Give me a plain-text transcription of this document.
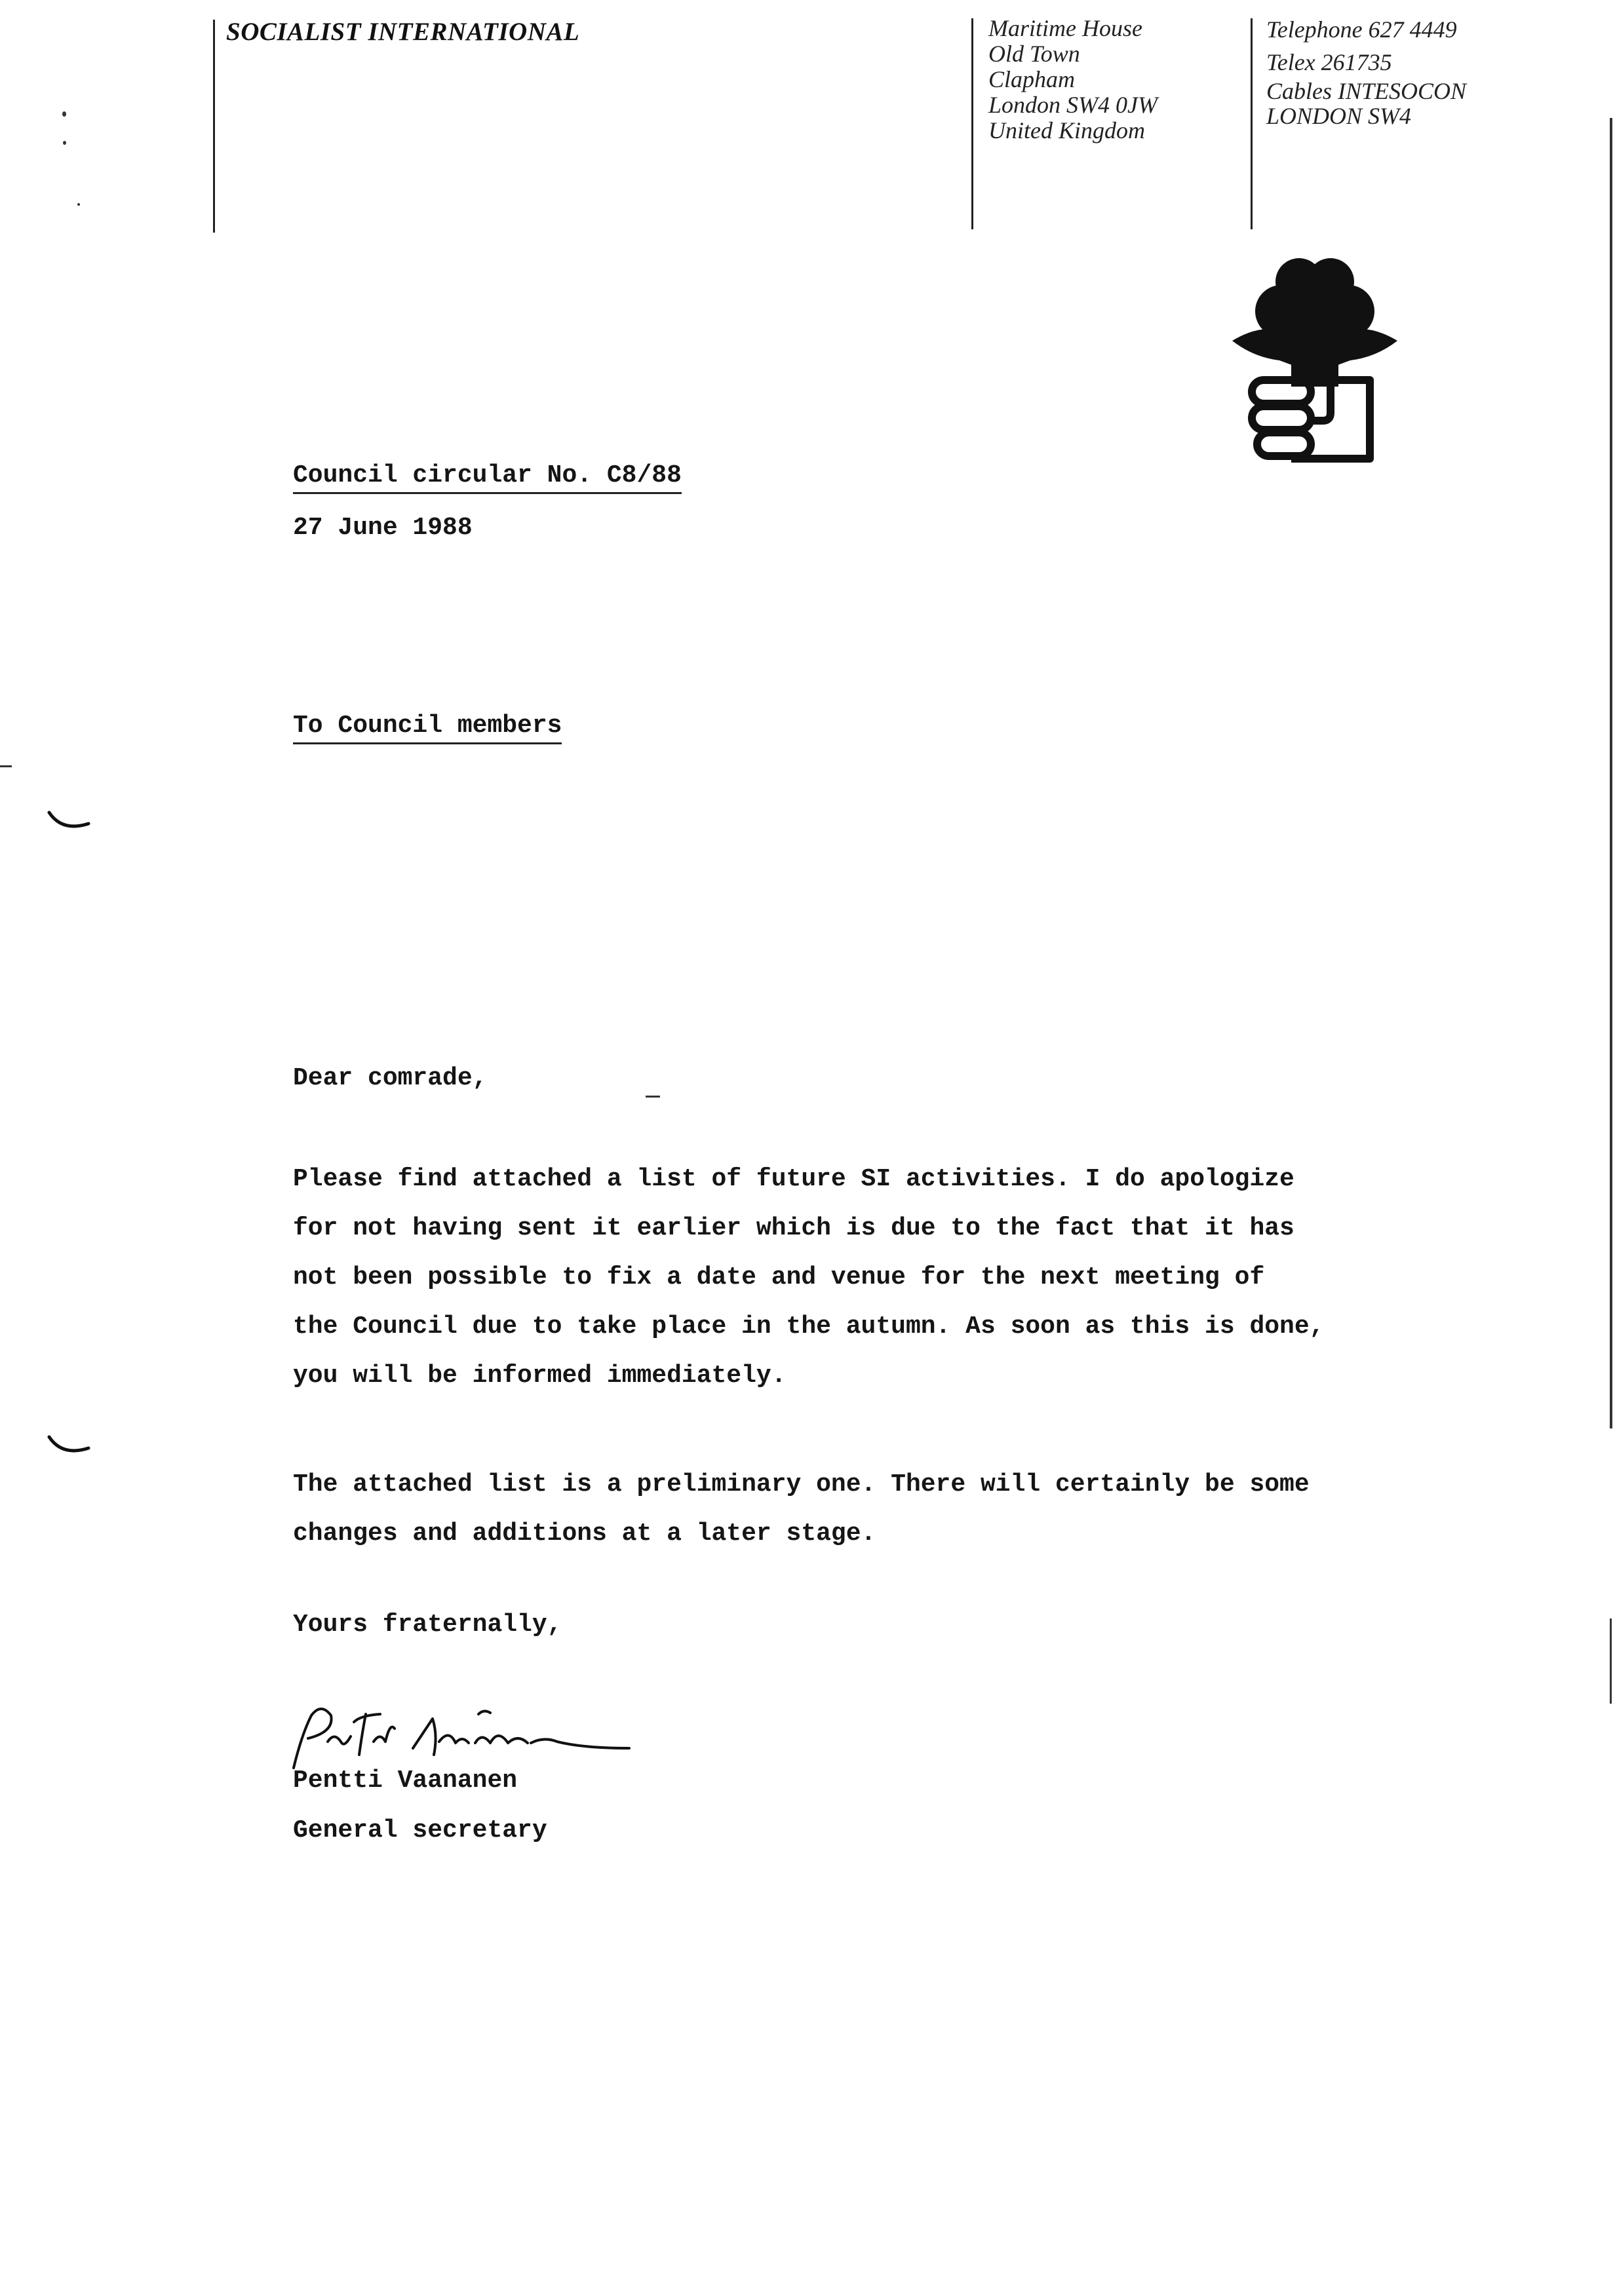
SOCIALIST INTERNATIONAL	Maritime House
Old Town
Clapham
London SW4 0JW
United Kingdom
Telephone 627 4449
Telex 261735
Cables INTESOCON
LONDON SW4
Council circular No. C8/88
27 June 1988
To Council members
Dear comrade,
Please find attached a list of future SI activities. I do apologize
for not having sent it earlier which is due to the fact that it has
not been possible to fix a date and venue for the next meeting of
the Council due to take place in the autumn. As soon as this is done,
you will be informed immediately.
The attached list is a preliminary one. There will certainly be some
changes and additions at a later stage.
Yours fraternally,
Pentti Vaananen
General secretary
